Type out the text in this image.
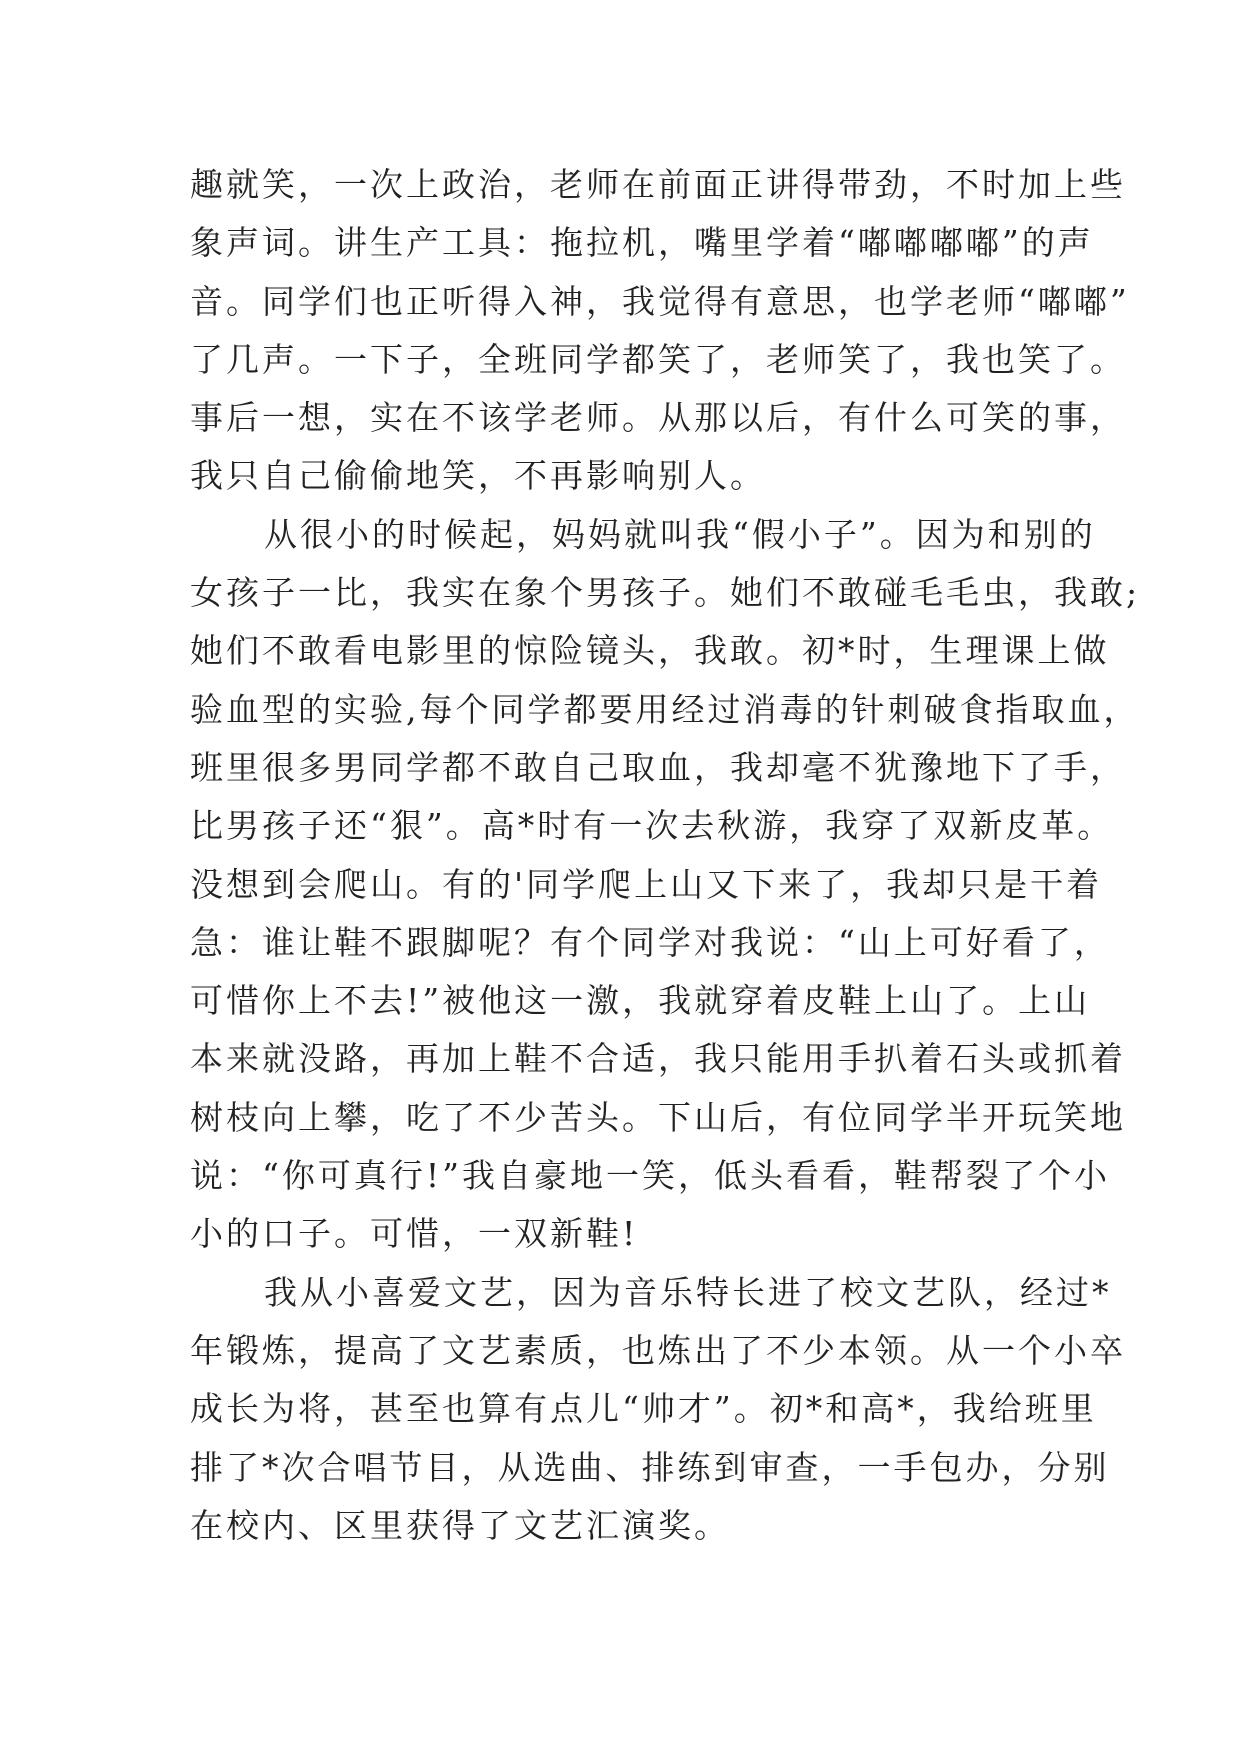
趣就笑，一次上政治，老师在前面正讲得带劲，不时加上些
象声词。讲生产工具：拖拉机，嘴里学着“嘟嘟嘟嘟”的声
音。同学们也正听得入神，我觉得有意思，也学老师“嘟嘟”
了几声。一下子，全班同学都笑了，老师笑了，我也笑了。
事后一想，实在不该学老师。从那以后，有什么可笑的事，
我只自己偷偷地笑，不再影响别人。

从很小的时候起，妈妈就叫我“假小子”。因为和别的
女孩子一比，我实在象个男孩子。她们不敢碰毛毛虫，我敢;
她们不敢看电影里的惊险镜头，我敢。初*时，生理课上做
验血型的实验,每个同学都要用经过消毒的针刺破食指取血，
班里很多男同学都不敢自己取血，我却毫不犹豫地下了手，
比男孩子还“狠”。高*时有一次去秋游，我穿了双新皮革。
没想到会爬山。有的'同学爬上山又下来了，我却只是干着
急：谁让鞋不跟脚呢？有个同学对我说：“山上可好看了，
可惜你上不去!”被他这一激，我就穿着皮鞋上山了。上山
本来就没路，再加上鞋不合适，我只能用手扒着石头或抓着
树枝向上攀，吃了不少苦头。下山后，有位同学半开玩笑地
说：“你可真行!”我自豪地一笑，低头看看，鞋帮裂了个小
小的口子。可惜，一双新鞋!

我从小喜爱文艺，因为音乐特长进了校文艺队，经过*
年锻炼，提高了文艺素质，也炼出了不少本领。从一个小卒
成长为将，甚至也算有点儿“帅才”。初*和高*，我给班里
排了*次合唱节目，从选曲、排练到审查，一手包办，分别
在校内、区里获得了文艺汇演奖。
